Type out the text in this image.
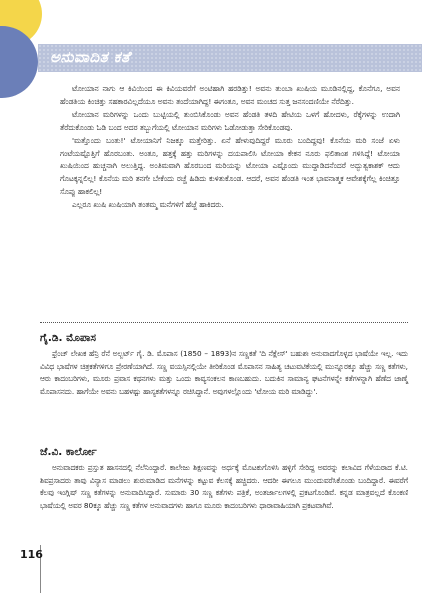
ಅನುವಾದಿತ ಕತೆ

ಟೋಯಾನ ನಾಗು ಆ ಕಿವಿಯಿಂದ ಈ ಕಿವಿಯವರೆಗೆ ಅಂಟಿಹಾಗಿ ಹರಡಿತ್ತು! ಅವನು ತುಂಬಾ ಖುಷಿಯ ಮೂಡಿನಲ್ಲಿದ್ದ, ಕೊನೆಗೂ, ಅವನ ಹೆಂಡತಿಯ ಕಿಂಚಿತ್ತು ಸಹಕಾರವಿಲ್ಲದೆಯೂ ಅವನು ತಂದೆಯಾಗಿದ್ದ! ಈಗಂತೂ, ಅವನ ಮಂಚದ ಸುತ್ತ ಜನಸಂದಣಿಯೇ ನೆರೆದಿತ್ತು.

ಟೋಯಾನ ಮರಿಗಳನ್ನು ಒಂದು ಬುಟ್ಟಿಯಲ್ಲಿ ತುಂಬಿಸಿಕೊಂಡು ಅವನ ಹೆಂಡತಿ ತಳದಿ ಹೇಟಿಯ ಒಳಗೆ ಹೋದಳು, ರೆಕ್ಕೆಗಳನ್ನು ಉದಾಗಿ ತೆರೆದುಕೊಂಡು ಓಡಿ ಬಂದ ಅದರ ತಬ್ಬುಗೆಯಲ್ಲಿ ಟೋಯಾನ ಮರಿಗಳು ಓಡೋಡುತ್ತಾ ಸೇರಿಕೊಂಡವು.

'ಮತ್ತೊಂದು ಬಂತು!' ಟೋಯಾನಿಗೆ ನಿಜಕ್ಕೂ ಮತ್ತೇರಿತ್ತು. ಏನೆ ಹೇಳುವುದಿದ್ದರೆ ಮೂರು ಬಂದಿದ್ದವು! ಕೊನೆಯ ಮರಿ ಸಂಜೆ ಏಳು ಗಂಟೆಯಷ್ಟೊತ್ತಿಗೆ ಹೊರಬಂತು. ಅಂತೂ, ಹತ್ತಕ್ಕೆ ಹತ್ತು ಮರಿಗಳನ್ನು ದಯಪಾಲಿಸಿ ಟೋಯಾ ಕೇಕನ ನೂರು ಫಲಿತಾಂಶ ಗಳಿಸಿದ್ದೆ! ಟೋಯಾ ಖುಷಿಯಿಂದ ಹುಚ್ಚನಾಗಿ ಅಲುತ್ತಿದ್ದ. ಅಂತಿಮವಾಗಿ ಹೊರಬಂದ ಮರಿಯನ್ನು ಟೋಯಾ ಎಷ್ಟೊಂದು ಮುದ್ದಾಡಿದನೆಂದರೆ ಅದ್ಭುತ್ವಕಾಶಕ್ ಆದು ಗೊಟಕ್ಕನ್ನಲಿಲ್ಲ! ಕೊನೆಯ ಮರಿ ತನಗೇ ಬೇಕೆಂದು ರಚ್ಚೆ ಹಿಡಿದು ಕುಳಿತುಕೊಂಡ. ಆದರೆ, ಅವನ ಹೆಂಡತಿ ಇಂತ ಭಾವನಾತ್ಮಕ ಆವೇಶಕ್ಕೆಗೆಲ್ಲ ಕಿಂಚಿತ್ತೂ ಸೊಪ್ಪು ಹಾಕಲಿಲ್ಲ!

ಎಲ್ಲರೂ ಖುಷಿ ಖುಷಿಯಾಗಿ ತಂತಮ್ಮ ಮನೆಗಳಿಗೆ ಹೆಜ್ಜೆ ಹಾಕಿದರು.

ಗೈ.ಡಿ. ಮೊಪಾಸ

ಫ್ರೆಂಚ್ ಲೇಖಕ ಹೆನ್ರಿ ರೆನೆ ಅಲ್ಬರ್ಟ್ ಗೈ. ಡಿ. ಮೊಪಾಸ (1850 – 1893)ನ ಸಣ್ಣಕತೆ 'ದಿ ನೆಕ್ಲೇಸ್' ಬಹುಶಃ ಅನುವಾದಗೊಳ್ಳದ ಭಾಷೆಯೇ ಇಲ್ಲ. ಇದು ವಿವಿಧ ಭಾಷೆಗಳ ಚಿತ್ರಕತೆಗಳಿಗೂ ಪ್ರೇರಣೆಯಾಗಿದೆ. ಸಣ್ಣ ವಯಸ್ಸಿನಲ್ಲಿಯೇ ತೀರಿಕೊಂಡ ಮೊಪಾಸನ ಸಾಹಿತ್ಯ ಚಟುವಟಿಕೆಯಲ್ಲಿ ಮುನ್ನೂರಕ್ಕೂ ಹೆಚ್ಚು ಸಣ್ಣ ಕತೆಗಳು, ಆರು ಕಾದಂಬರಿಗಳು, ಮೂರು ಪ್ರವಾಸ ಕಥನಗಳು ಮತ್ತು ಒಂದು ಕಾವ್ಯಸಂಕಲನ ಕಾಣಬಹುದು. ಬದುಕಿನ ಸಾಮಾನ್ಯ ಘಟನೆಗಳನ್ನೇ ಕತೆಗಳನ್ನಾಗಿ ಹೆಣೆದ ಜಾಣ್ಮೆ ಮೊಪಾಸನದು. ಹಾಗೆಯೇ ಅವನು ಬಹಳಷ್ಟು ಹಾಸ್ಯಕತೆಗಳನ್ನೂ ರಚಿಸಿದ್ದಾನೆ. ಅವುಗಳಲ್ಲೊಂದು 'ಟೋಯ ಮರಿ ಮಾಡಿದ್ದು'.

ಜೆ.ವಿ. ಕಾರ್ಲೋ

ಅನುವಾದಕರು ಪ್ರಸ್ತುತ ಹಾಸನದಲ್ಲಿ ನೆಲೆನಿಂದ್ದಾರೆ. ಕಾಲೇಜು ಶಿಕ್ಷಣವನ್ನು ಅರ್ಧಕ್ಕೆ ಮೊಟಕುಗೊಳಿಸಿ ಹಳ್ಳಿಗೆ ಸೇರಿದ್ದ ಅವರನ್ನು ಕಲಾವಿದ ಗೆಳೆಯರಾದ ಕೆ.ಟಿ. ಶಿವಪ್ರಸಾದರು ತಾವು ವಿನ್ಯಾಸ ಮಾಡಲು ಶುರುಮಾಡಿದ ಮನೆಗಳನ್ನು ಕಟ್ಟುವ ಕೆಲಸಕ್ಕೆ ಹಚ್ಚಿದರು. ಆದರೀ ಈಗಲೂ ಮುಂದುವರೆಸಿಕೊಂಡು ಬಂದಿದ್ದಾರೆ. ಈವರೆಗೆ ಕೆಲವು ಇಂಗ್ಲಿಷ್ ಸಣ್ಣ ಕತೆಗಳನ್ನು ಅನುವಾದಿಸಿದ್ದಾರೆ. ಸುಮಾರು 30 ಸಣ್ಣ ಕತೆಗಳು ಪತ್ರಿಕೆ, ಅಂತರ್ಜಾಲಗಳಲ್ಲಿ ಪ್ರಕಟಗೊಂಡಿವೆ. ಕನ್ನಡ ಮಾತ್ರವಲ್ಲದೆ ಕೊಂಕಣಿ ಭಾಷೆಯಲ್ಲಿ ಅವರ 80ಕ್ಕೂ ಹೆಚ್ಚು ಸಣ್ಣ ಕತೆಗಳ ಅನುವಾದಗಳು ಹಾಗೂ ಮೂರು ಕಾದಂಬರಿಗಳು ಧಾರಾವಾಹಿಯಾಗಿ ಪ್ರಕಟವಾಗಿವೆ.

116
